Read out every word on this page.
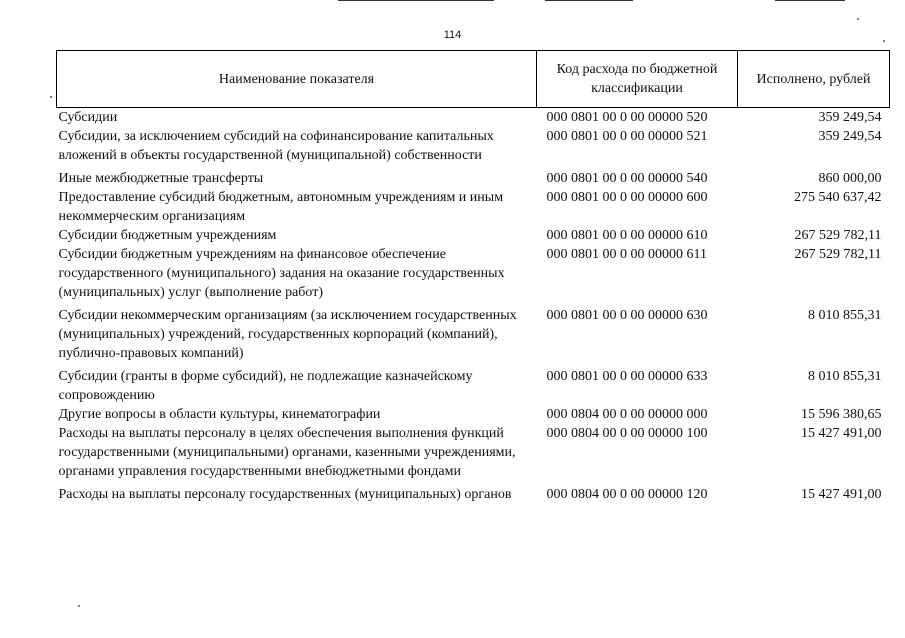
114
Наименование показателя	Код расхода по бюджетной классификации	Исполнено, рублей
Субсидии	000 0801 00 0 00 00000 520	359 249,54
Субсидии, за исключением субсидий на софинансирование капитальных вложений в объекты государственной (муниципальной) собственности	000 0801 00 0 00 00000 521	359 249,54
Иные межбюджетные трансферты	000 0801 00 0 00 00000 540	860 000,00
Предоставление субсидий бюджетным, автономным учреждениям и иным некоммерческим организациям	000 0801 00 0 00 00000 600	275 540 637,42
Субсидии бюджетным учреждениям	000 0801 00 0 00 00000 610	267 529 782,11
Субсидии бюджетным учреждениям на финансовое обеспечение государственного (муниципального) задания на оказание государственных (муниципальных) услуг (выполнение работ)	000 0801 00 0 00 00000 611	267 529 782,11
Субсидии некоммерческим организациям (за исключением государственных (муниципальных) учреждений, государственных корпораций (компаний), публично-правовых компаний)	000 0801 00 0 00 00000 630	8 010 855,31
Субсидии (гранты в форме субсидий), не подлежащие казначейскому сопровождению	000 0801 00 0 00 00000 633	8 010 855,31
Другие вопросы в области культуры, кинематографии	000 0804 00 0 00 00000 000	15 596 380,65
Расходы на выплаты персоналу в целях обеспечения выполнения функций государственными (муниципальными) органами, казенными учреждениями, органами управления государственными внебюджетными фондами	000 0804 00 0 00 00000 100	15 427 491,00
Расходы на выплаты персоналу государственных (муниципальных) органов	000 0804 00 0 00 00000 120	15 427 491,00
